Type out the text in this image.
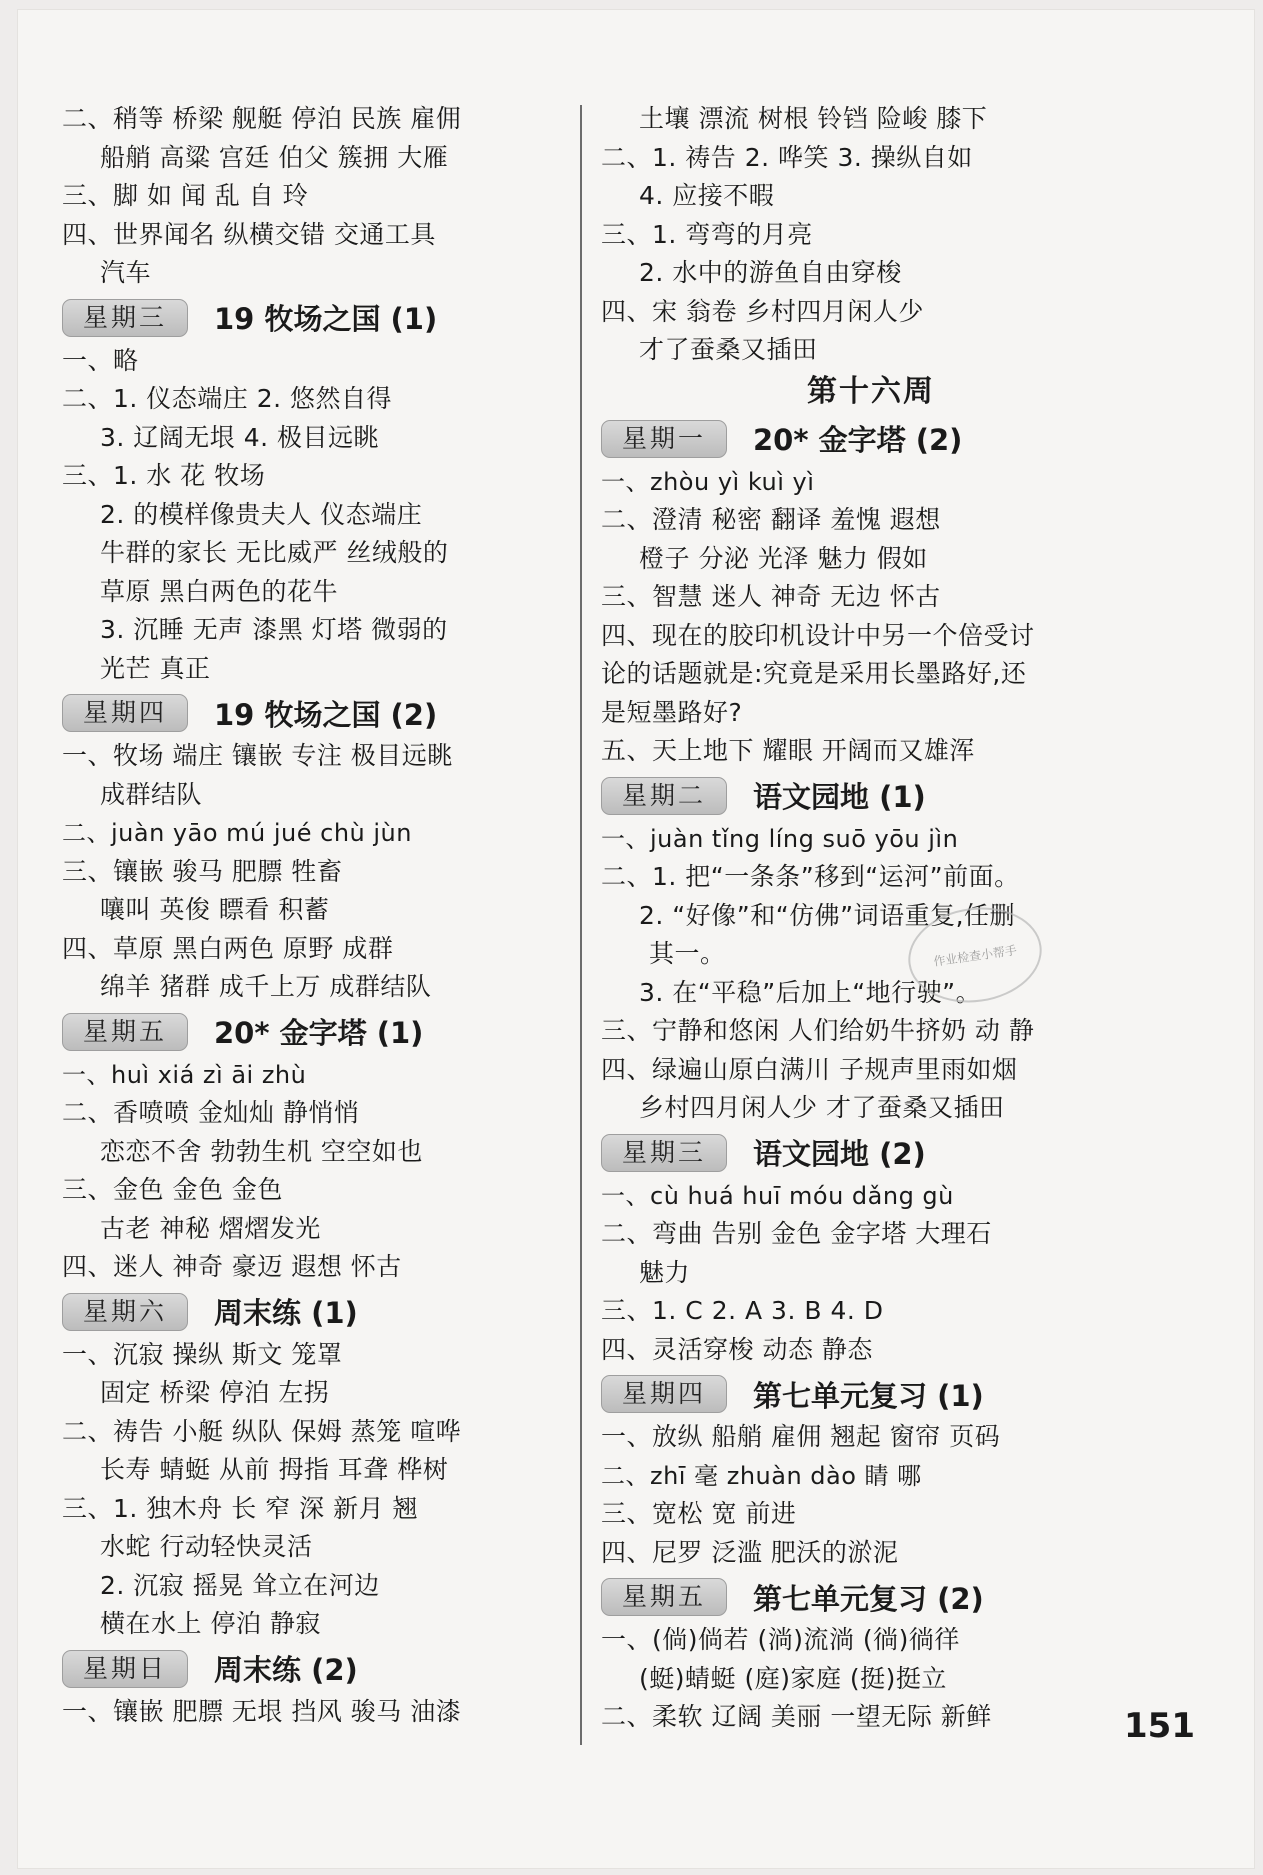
二、稍等 桥梁 舰艇 停泊 民族 雇佣
船艄 高粱 宫廷 伯父 簇拥 大雁
三、脚 如 闻 乱 自 玲
四、世界闻名 纵横交错 交通工具
汽车
星期三	19 牧场之国 (1)
一、略
二、1. 仪态端庄 2. 悠然自得
3. 辽阔无垠 4. 极目远眺
三、1. 水 花 牧场
2. 的模样像贵夫人 仪态端庄
牛群的家长 无比威严 丝绒般的
草原 黑白两色的花牛
3. 沉睡 无声 漆黑 灯塔 微弱的
光芒 真正
星期四	19 牧场之国 (2)
一、牧场 端庄 镶嵌 专注 极目远眺
成群结队
二、juàn yāo mú jué chù jùn
三、镶嵌 骏马 肥膘 牲畜
嚷叫 英俊 瞟看 积蓄
四、草原 黑白两色 原野 成群
绵羊 猪群 成千上万 成群结队
星期五	20* 金字塔 (1)
一、huì xiá zì āi zhù
二、香喷喷 金灿灿 静悄悄
恋恋不舍 勃勃生机 空空如也
三、金色 金色 金色
古老 神秘 熠熠发光
四、迷人 神奇 豪迈 遐想 怀古
星期六	周末练 (1)
一、沉寂 操纵 斯文 笼罩
固定 桥梁 停泊 左拐
二、祷告 小艇 纵队 保姆 蒸笼 喧哗
长寿 蜻蜓 从前 拇指 耳聋 桦树
三、1. 独木舟 长 窄 深 新月 翘
水蛇 行动轻快灵活
2. 沉寂 摇晃 耸立在河边
横在水上 停泊 静寂
星期日	周末练 (2)
一、镶嵌 肥膘 无垠 挡风 骏马 油漆
土壤 漂流 树根 铃铛 险峻 膝下
二、1. 祷告 2. 哗笑 3. 操纵自如
4. 应接不暇
三、1. 弯弯的月亮
2. 水中的游鱼自由穿梭
四、宋 翁卷 乡村四月闲人少
才了蚕桑又插田
第十六周
星期一	20* 金字塔 (2)
一、zhòu yì kuì yì
二、澄清 秘密 翻译 羞愧 遐想
橙子 分泌 光泽 魅力 假如
三、智慧 迷人 神奇 无边 怀古
四、现在的胶印机设计中另一个倍受讨
论的话题就是:究竟是采用长墨路好,还
是短墨路好?
五、天上地下 耀眼 开阔而又雄浑
星期二	语文园地 (1)
一、juàn tǐng líng suō yōu jìn
二、1. 把“一条条”移到“运河”前面。
2. “好像”和“仿佛”词语重复,任删
其一。
3. 在“平稳”后加上“地行驶”。
三、宁静和悠闲 人们给奶牛挤奶 动 静
四、绿遍山原白满川 子规声里雨如烟
乡村四月闲人少 才了蚕桑又插田
星期三	语文园地 (2)
一、cù huá huī móu dǎng gù
二、弯曲 告别 金色 金字塔 大理石
魅力
三、1. C 2. A 3. B 4. D
四、灵活穿梭 动态 静态
星期四	第七单元复习 (1)
一、放纵 船艄 雇佣 翘起 窗帘 页码
二、zhī 毫 zhuàn dào 睛 哪
三、宽松 宽 前进
四、尼罗 泛滥 肥沃的淤泥
星期五	第七单元复习 (2)
一、(倘)倘若 (淌)流淌 (徜)徜徉
(蜓)蜻蜓 (庭)家庭 (挺)挺立
二、柔软 辽阔 美丽 一望无际 新鲜
作业检查小帮手
151
